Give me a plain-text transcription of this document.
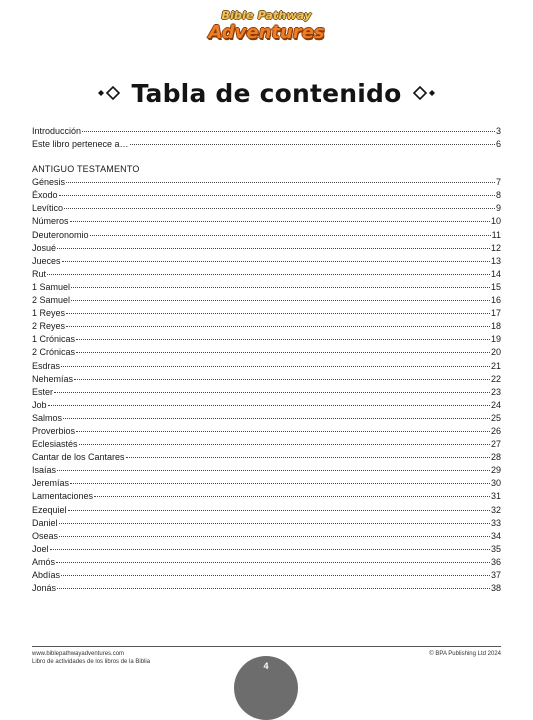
Bible Pathway
Adventures
Tabla de contenido
Introducción	3
Este libro pertenece a…	6
ANTIGUO TESTAMENTO
Génesis	7
Éxodo	8
Levítico	9
Números	10
Deuteronomio	11
Josué	12
Jueces	13
Rut	14
1 Samuel	15
2 Samuel	16
1 Reyes	17
2 Reyes	18
1 Crónicas	19
2 Crónicas	20
Esdras	21
Nehemías	22
Ester	23
Job	24
Salmos	25
Proverbios	26
Eclesiastés	27
Cantar de los Cantares	28
Isaías	29
Jeremías	30
Lamentaciones	31
Ezequiel	32
Daniel	33
Oseas	34
Joel	35
Amós	36
Abdías	37
Jonás	38
www.biblepathwayadventures.com
Libro de actividades de los libros de la Biblia
© BPA Publishing Ltd 2024
4
